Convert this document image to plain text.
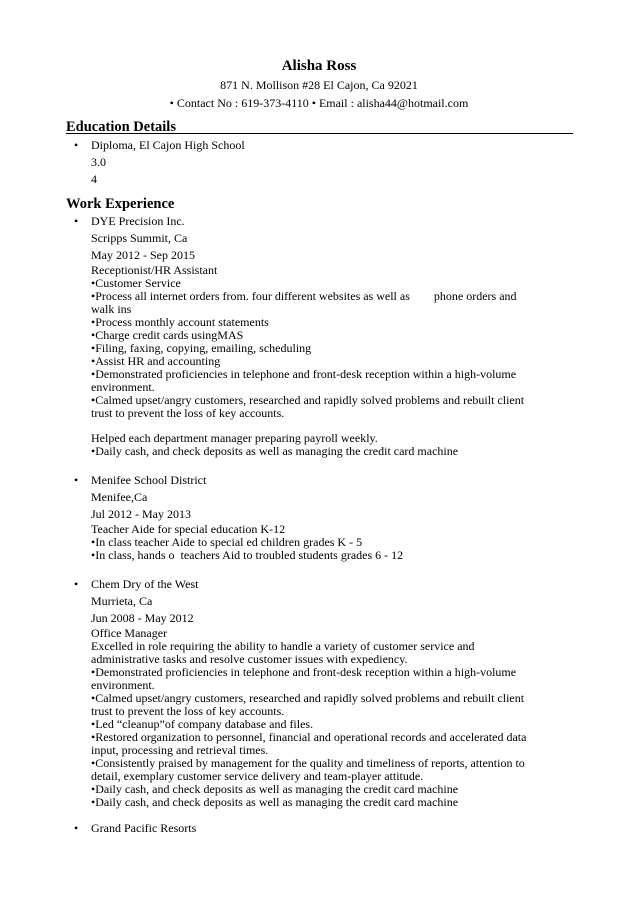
Alisha Ross
871 N. Mollison #28 El Cajon, Ca 92021
• Contact No : 619-373-4110 • Email : alisha44@hotmail.com
Education Details
•	Diploma, El Cajon High School
3.0
4
Work Experience
•	DYE Precision Inc.
Scripps Summit, Ca
May 2012 - Sep 2015
Receptionist/HR Assistant
•Customer Service
•Process all internet orders from. four different websites as well as        phone orders and
walk ins
•Process monthly account statements
•Charge credit cards usingMAS
•Filing, faxing, copying, emailing, scheduling
•Assist HR and accounting
•Demonstrated proficiencies in telephone and front-desk reception within a high-volume
environment.
•Calmed upset/angry customers, researched and rapidly solved problems and rebuilt client
trust to prevent the loss of key accounts.
Helped each department manager preparing payroll weekly.
•Daily cash, and check deposits as well as managing the credit card machine
•	Menifee School District
Menifee,Ca
Jul 2012 - May 2013
Teacher Aide for special education K-12
•In class teacher Aide to special ed children grades K - 5
•In class, hands o  teachers Aid to troubled students grades 6 - 12
•	Chem Dry of the West
Murrieta, Ca
Jun 2008 - May 2012
Office Manager
Excelled in role requiring the ability to handle a variety of customer service and
administrative tasks and resolve customer issues with expediency.
•Demonstrated proficiencies in telephone and front-desk reception within a high-volume
environment.
•Calmed upset/angry customers, researched and rapidly solved problems and rebuilt client
trust to prevent the loss of key accounts.
•Led “cleanup”of company database and files.
•Restored organization to personnel, financial and operational records and accelerated data
input, processing and retrieval times.
•Consistently praised by management for the quality and timeliness of reports, attention to
detail, exemplary customer service delivery and team-player attitude.
•Daily cash, and check deposits as well as managing the credit card machine
•Daily cash, and check deposits as well as managing the credit card machine
•	Grand Pacific Resorts
